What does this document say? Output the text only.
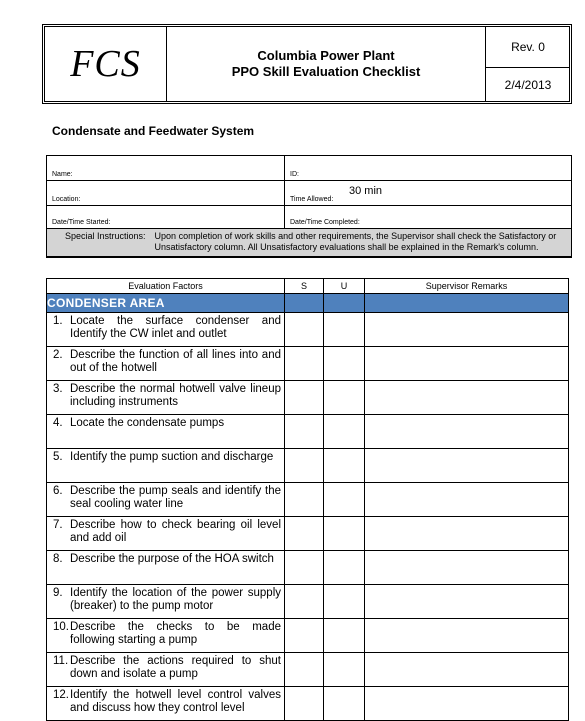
FCS	Columbia Power Plant
PPO Skill Evaluation Checklist
Rev. 0
2/4/2013
Condensate and Feedwater System
Name:	ID:
Location:	Time Allowed:
30 min
Date/Time Started:	Date/Time Completed:
Special Instructions: Upon completion of work skills and other requirements, the Supervisor shall check the Satisfactory or Unsatisfactory column. All Unsatisfactory evaluations shall be explained in the Remark's column.
Evaluation Factors	S	U	Supervisor Remarks
CONDENSER AREA			

1. Locate the surface condenser and Identify the CW inlet and outlet			

2. Describe the function of all lines into and out of the hotwell			

3. Describe the normal hotwell valve lineup including instruments			

4. Locate the condensate pumps			

5. Identify the pump suction and discharge			

6. Describe the pump seals and identify the seal cooling water line			

7. Describe how to check bearing oil level and add oil			

8. Describe the purpose of the HOA switch			

9. Identify the location of the power supply (breaker) to the pump motor			

10. Describe the checks to be made following starting a pump			

11. Describe the actions required to shut down and isolate a pump			

12. Identify the hotwell level control valves and discuss how they control level			
